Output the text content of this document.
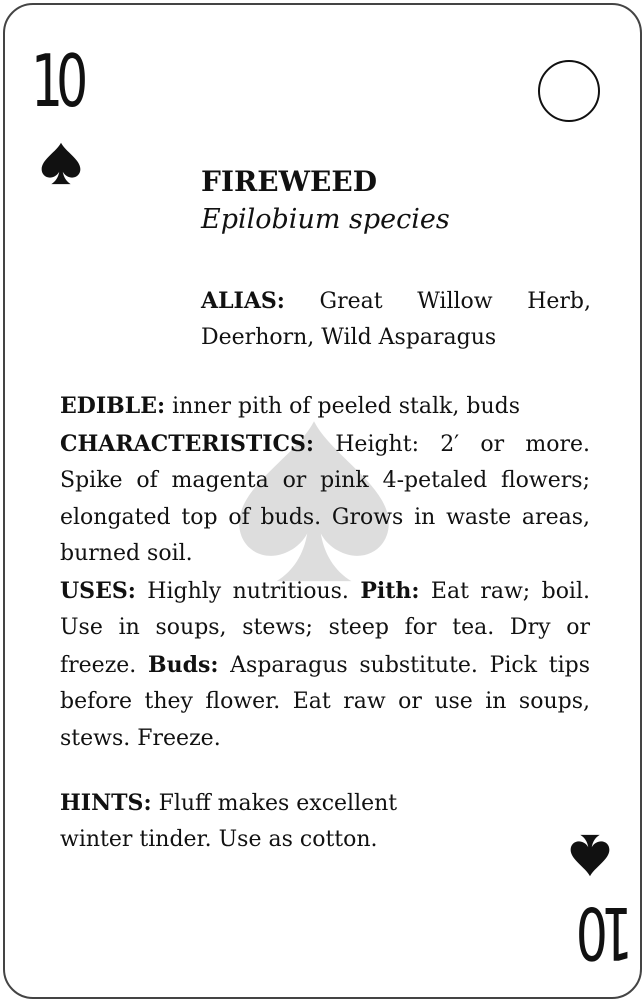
10
FIREWEED
Epilobium species
ALIAS: Great Willow Herb, Deerhorn, Wild Asparagus

EDIBLE: inner pith of peeled stalk, buds

CHARACTERISTICS: Height: 2′ or more. Spike of magenta or pink 4-petaled flowers; elongated top of buds. Grows in waste areas, burned soil.

USES: Highly nutritious. Pith: Eat raw; boil. Use in soups, stews; steep for tea. Dry or freeze. Buds: Asparagus substitute. Pick tips before they flower. Eat raw or use in soups, stews. Freeze.

HINTS: Fluff makes excellent winter tinder. Use as cotton.
10
